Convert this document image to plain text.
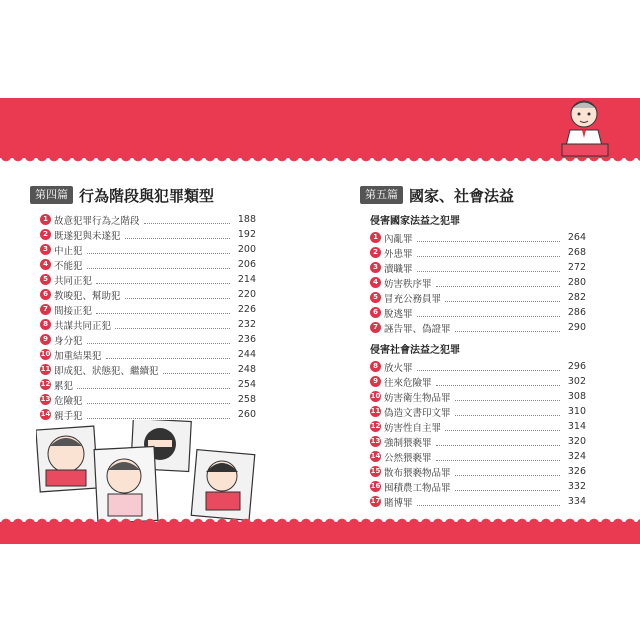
第四篇 行為階段與犯罪類型
1 故意犯罪行為之階段	188
2 既遂犯與未遂犯	192
3 中止犯	200
4 不能犯	206
5 共同正犯	214
6 教唆犯、幫助犯	220
7 間接正犯	226
8 共謀共同正犯	232
9 身分犯	236
10 加重結果犯	244
11 即成犯、狀態犯、繼續犯	248
12 累犯	254
13 危險犯	258
14 親手犯	260
第五篇 國家、社會法益
侵害國家法益之犯罪
1 內亂罪	264
2 外患罪	268
3 瀆職罪	272
4 妨害秩序罪	280
5 冒充公務員罪	282
6 脫逃罪	286
7 誣告罪、偽證罪	290
侵害社會法益之犯罪
8 放火罪	296
9 往來危險罪	302
10 妨害衛生物品罪	308
11 偽造文書印文罪	310
12 妨害性自主罪	314
13 強制猥褻罪	320
14 公然猥褻罪	324
15 散布猥褻物品罪	326
16 囤積農工物品罪	332
17 賭博罪	334
